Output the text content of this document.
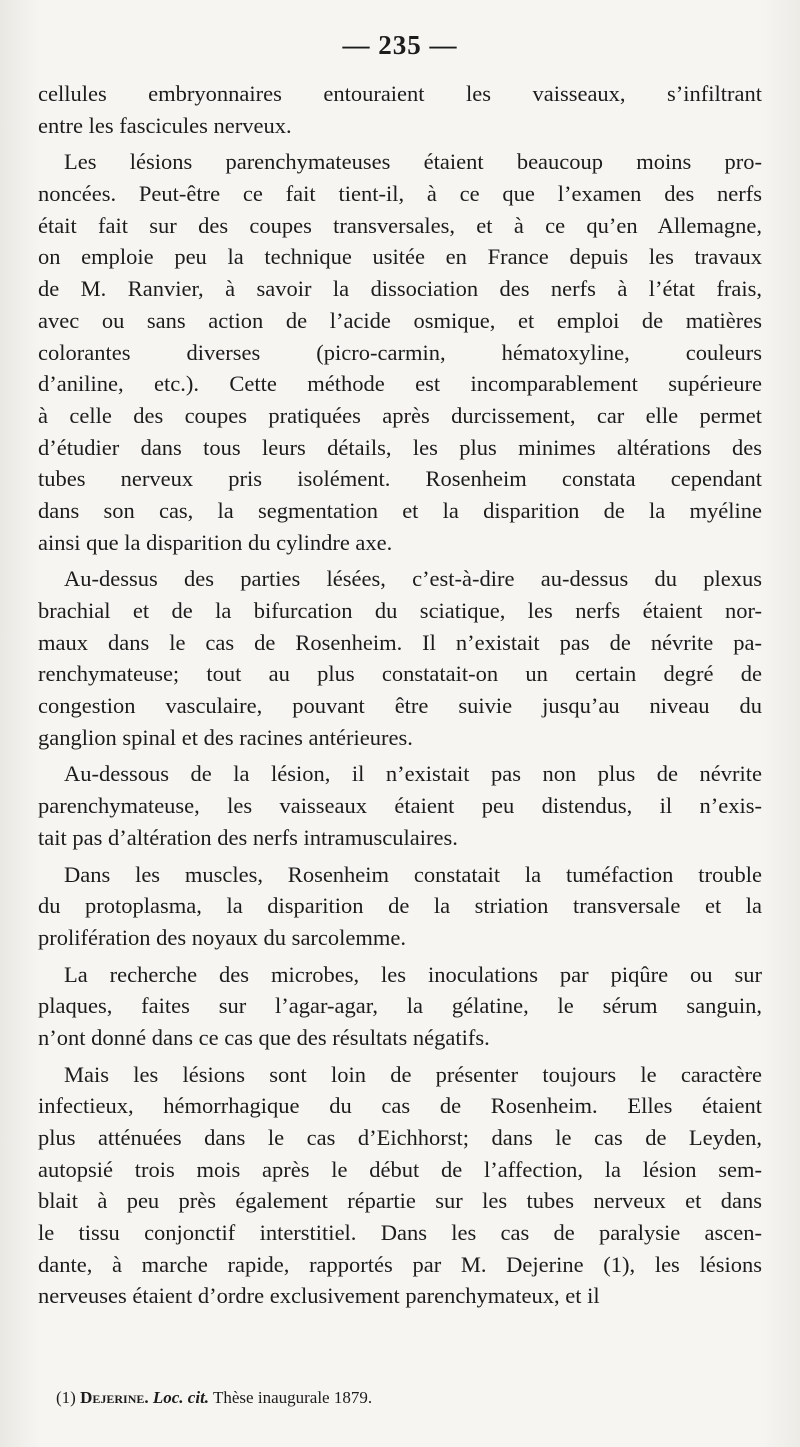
— 235 —
cellules embryonnaires entouraient les vaisseaux, s’infiltrant
entre les fascicules nerveux.
Les lésions parenchymateuses étaient beaucoup moins pro-
noncées. Peut-être ce fait tient-il, à ce que l’examen des nerfs
était fait sur des coupes transversales, et à ce qu’en Allemagne,
on emploie peu la technique usitée en France depuis les travaux
de M. Ranvier, à savoir la dissociation des nerfs à l’état frais,
avec ou sans action de l’acide osmique, et emploi de matières
colorantes diverses (picro-carmin, hématoxyline, couleurs
d’aniline, etc.). Cette méthode est incomparablement supérieure
à celle des coupes pratiquées après durcissement, car elle permet
d’étudier dans tous leurs détails, les plus minimes altérations des
tubes nerveux pris isolément. Rosenheim constata cependant
dans son cas, la segmentation et la disparition de la myéline
ainsi que la disparition du cylindre axe.
Au-dessus des parties lésées, c’est-à-dire au-dessus du plexus
brachial et de la bifurcation du sciatique, les nerfs étaient nor-
maux dans le cas de Rosenheim. Il n’existait pas de névrite pa-
renchymateuse; tout au plus constatait-on un certain degré de
congestion vasculaire, pouvant être suivie jusqu’au niveau du
ganglion spinal et des racines antérieures.
Au-dessous de la lésion, il n’existait pas non plus de névrite
parenchymateuse, les vaisseaux étaient peu distendus, il n’exis-
tait pas d’altération des nerfs intramusculaires.
Dans les muscles, Rosenheim constatait la tuméfaction trouble
du protoplasma, la disparition de la striation transversale et la
prolifération des noyaux du sarcolemme.
La recherche des microbes, les inoculations par piqûre ou sur
plaques, faites sur l’agar-agar, la gélatine, le sérum sanguin,
n’ont donné dans ce cas que des résultats négatifs.
Mais les lésions sont loin de présenter toujours le caractère
infectieux, hémorrhagique du cas de Rosenheim. Elles étaient
plus atténuées dans le cas d’Eichhorst; dans le cas de Leyden,
autopsié trois mois après le début de l’affection, la lésion sem-
blait à peu près également répartie sur les tubes nerveux et dans
le tissu conjonctif interstitiel. Dans les cas de paralysie ascen-
dante, à marche rapide, rapportés par M. Dejerine (1), les lésions
nerveuses étaient d’ordre exclusivement parenchymateux, et il
(1) Dejerine. Loc. cit. Thèse inaugurale 1879.
